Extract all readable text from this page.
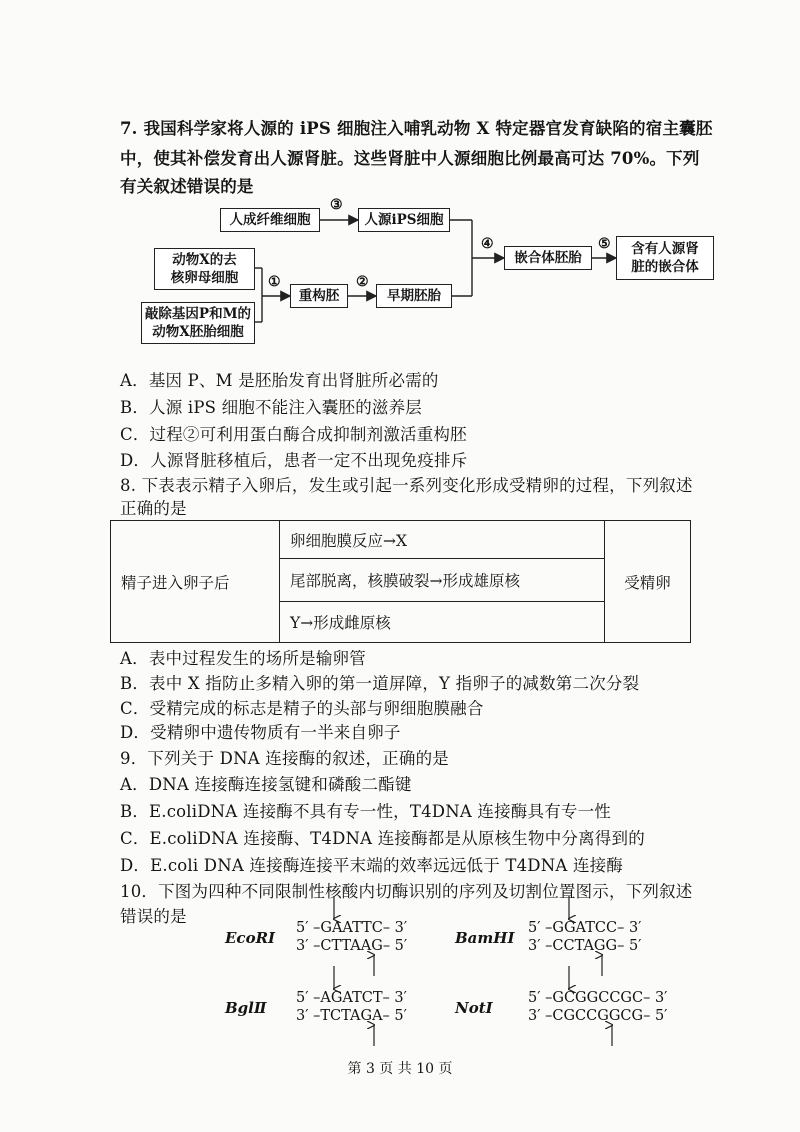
7. 我国科学家将人源的 iPS 细胞注入哺乳动物 X 特定器官发育缺陷的宿主囊胚
中，使其补偿发育出人源肾脏。这些肾脏中人源细胞比例最高可达 70%。下列
有关叙述错误的是
人成纤维细胞	人源iPS细胞
动物X的去
核卵母细胞
敲除基因P和M的
动物X胚胎细胞
重构胚	早期胚胎
嵌合体胚胎
含有人源肾
脏的嵌合体
③
①	②
④	⑤
A．基因 P、M 是胚胎发育出肾脏所必需的
B．人源 iPS 细胞不能注入囊胚的滋养层
C．过程②可利用蛋白酶合成抑制剂激活重构胚
D．人源肾脏移植后，患者一定不出现免疫排斥
8. 下表表示精子入卵后，发生或引起一系列变化形成受精卵的过程，下列叙述
正确的是
精子进入卵子后	卵细胞膜反应→X	受精卵
尾部脱离，核膜破裂→形成雄原核
Y→形成雌原核
A．表中过程发生的场所是输卵管
B．表中 X 指防止多精入卵的第一道屏障，Y 指卵子的减数第二次分裂
C．受精完成的标志是精子的头部与卵细胞膜融合
D．受精卵中遗传物质有一半来自卵子
9．下列关于 DNA 连接酶的叙述，正确的是
A．DNA 连接酶连接氢键和磷酸二酯键
B．E.coliDNA 连接酶不具有专一性，T4DNA 连接酶具有专一性
C．E.coliDNA 连接酶、T4DNA 连接酶都是从原核生物中分离得到的
D．E.coli DNA 连接酶连接平末端的效率远远低于 T4DNA 连接酶
10．下图为四种不同限制性核酸内切酶识别的序列及切割位置图示，下列叙述
错误的是
EcoRⅠ
5′ –GAATTC– 3′
3′ –CTTAAG– 5′	BamHⅠ
5′ –GGATCC– 3′
3′ –CCTAGG– 5′
BglⅡ
5′ –AGATCT– 3′
3′ –TCTAGA– 5′	NotⅠ
5′ –GCGGCCGC– 3′
3′ –CGCCGGCG– 5′
第 3 页 共 10 页
